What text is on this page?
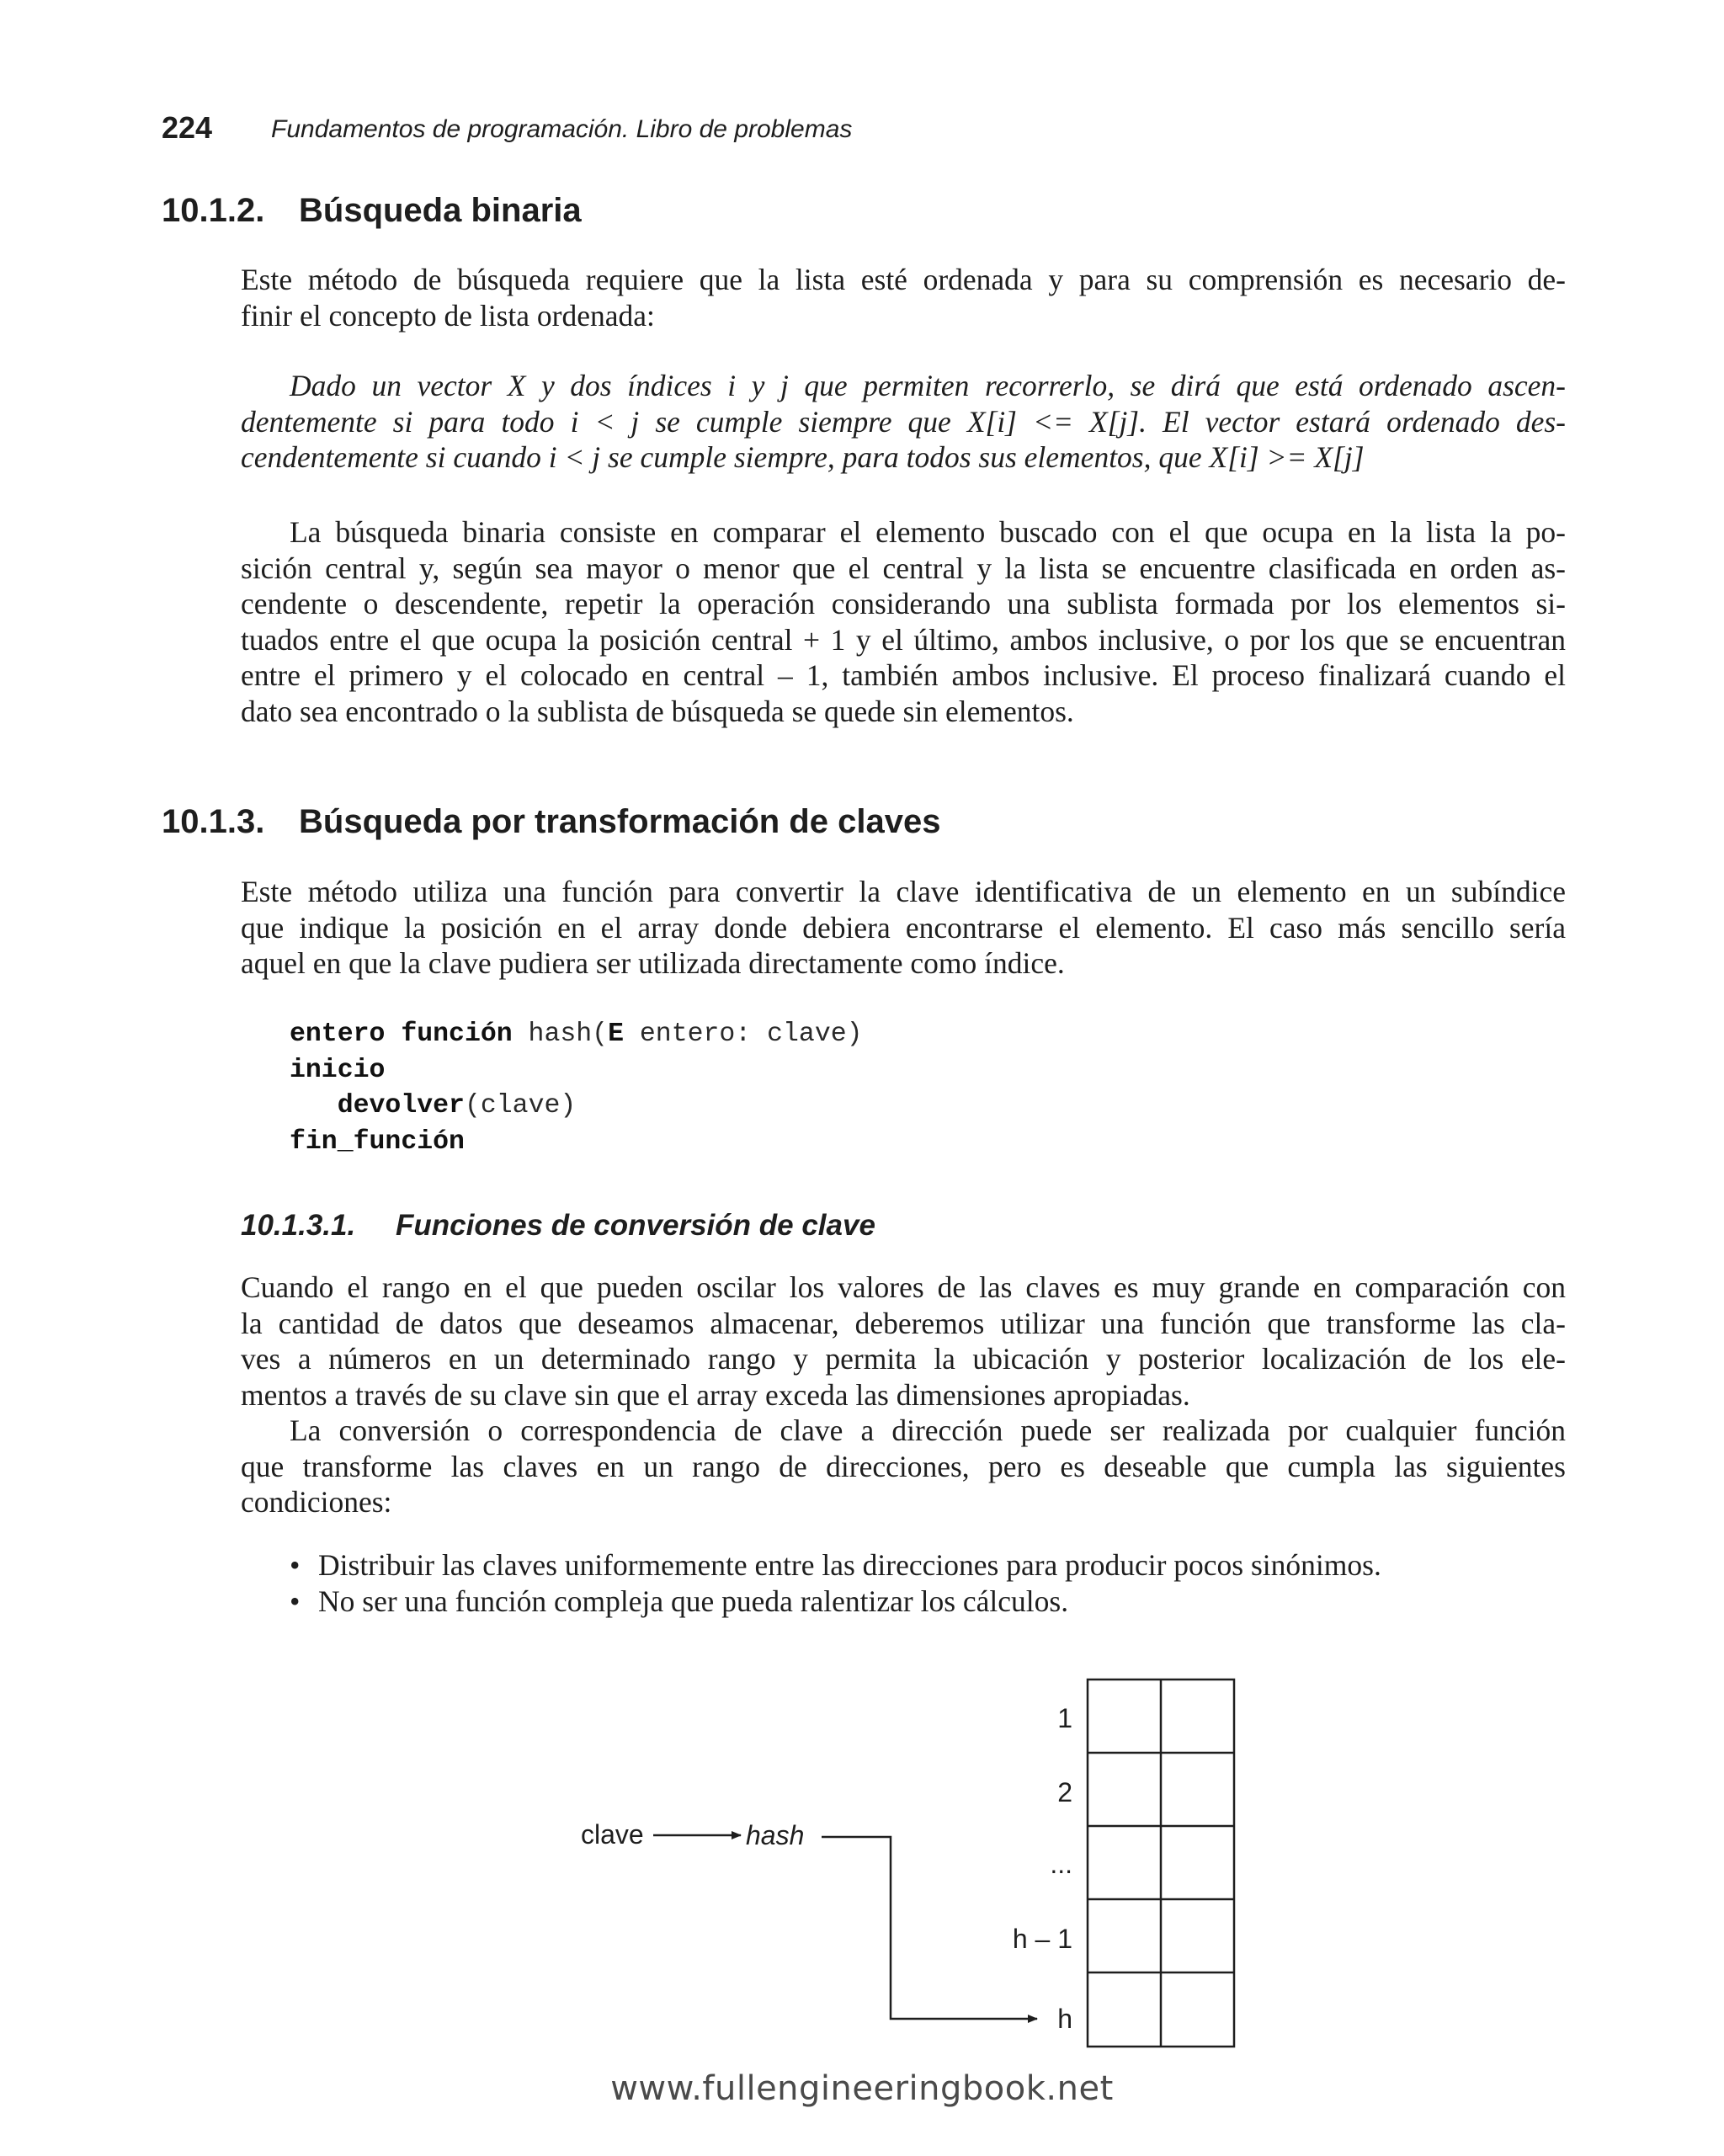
224 Fundamentos de programación. Libro de problemas
10.1.2. Búsqueda binaria

Este método de búsqueda requiere que la lista esté ordenada y para su comprensión es necesario de-
finir el concepto de lista ordenada:

Dado un vector X y dos índices i y j que permiten recorrerlo, se dirá que está ordenado ascen-
dentemente si para todo i < j se cumple siempre que X[i] <= X[j]. El vector estará ordenado des-
cendentemente si cuando i < j se cumple siempre, para todos sus elementos, que X[i] >= X[j]

La búsqueda binaria consiste en comparar el elemento buscado con el que ocupa en la lista la po-
sición central y, según sea mayor o menor que el central y la lista se encuentre clasificada en orden as-
cendente o descendente, repetir la operación considerando una sublista formada por los elementos si-
tuados entre el que ocupa la posición central + 1 y el último, ambos inclusive, o por los que se encuentran
entre el primero y el colocado en central – 1, también ambos inclusive. El proceso finalizará cuando el
dato sea encontrado o la sublista de búsqueda se quede sin elementos.

10.1.3. Búsqueda por transformación de claves

Este método utiliza una función para convertir la clave identificativa de un elemento en un subíndice
que indique la posición en el array donde debiera encontrarse el elemento. El caso más sencillo sería
aquel en que la clave pudiera ser utilizada directamente como índice.

entero función hash(E entero: clave)
inicio
devolver(clave)
fin_función
10.1.3.1. Funciones de conversión de clave

Cuando el rango en el que pueden oscilar los valores de las claves es muy grande en comparación con
la cantidad de datos que deseamos almacenar, deberemos utilizar una función que transforme las cla-
ves a números en un determinado rango y permita la ubicación y posterior localización de los ele-
mentos a través de su clave sin que el array exceda las dimensiones apropiadas.

La conversión o correspondencia de clave a dirección puede ser realizada por cualquier función
que transforme las claves en un rango de direcciones, pero es deseable que cumpla las siguientes
condiciones:

• Distribuir las claves uniformemente entre las direcciones para producir pocos sinónimos.
• No ser una función compleja que pueda ralentizar los cálculos.
clave	hash
1
2
...
h – 1
h
www.fullengineeringbook.net
